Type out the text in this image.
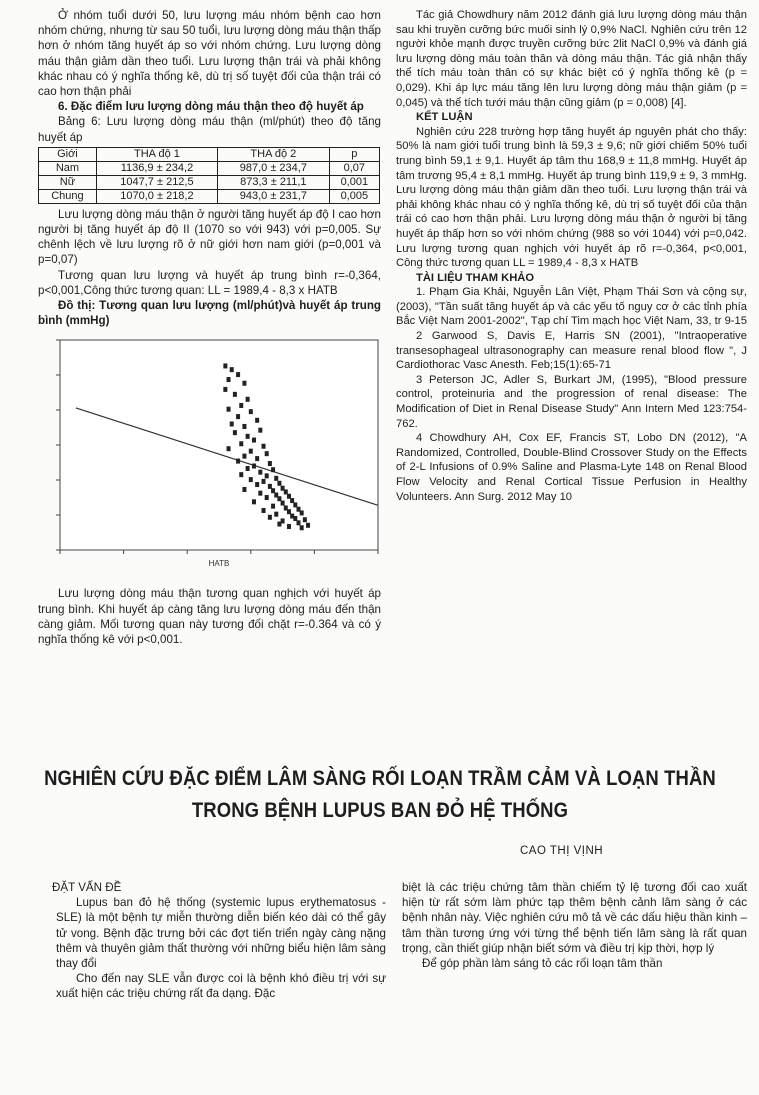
Ở nhóm tuổi dưới 50, lưu lượng máu nhóm bệnh cao hơn nhóm chứng, nhưng từ sau 50 tuổi, lưu lượng dòng máu thận thấp hơn ở nhóm tăng huyết áp so với nhóm chứng. Lưu lượng dòng máu thận giảm dần theo tuổi. Lưu lượng thận trái và phải không khác nhau có ý nghĩa thống kê, dù trị số tuyệt đối của thận trái có cao hơn thận phải

6. Đặc điểm lưu lượng dòng máu thận theo độ huyết áp

Bảng 6: Lưu lượng dòng máu thận (ml/phút) theo độ tăng huyết áp

Giới	THA độ 1	THA độ 2	p
Nam	1136,9 ± 234,2	987,0 ± 234,7	0,07
Nữ	1047,7 ± 212,5	873,3 ± 211,1	0,001
Chung	1070,0 ± 218,2	943,0 ± 231,7	0,005

Lưu lượng dòng máu thận ở người tăng huyết áp độ I cao hơn người bị tăng huyết áp độ II (1070 so với 943) với p=0,005. Sự chênh lệch về lưu lượng rõ ở nữ giới hơn nam giới (p=0,001 và p=0,07)

Tương quan lưu lượng và huyết áp trung bình r=-0,364, p<0,001,Công thức tương quan: LL = 1989,4 - 8,3 x HATB

Đồ thị: Tương quan lưu lượng (ml/phút)và huyết áp trung bình (mmHg)

HATB

Lưu lượng dòng máu thận tương quan nghịch với huyết áp trung bình. Khi huyết áp càng tăng lưu lượng dòng máu đến thận càng giảm. Mối tương quan này tương đối chặt r=-0.364 và có ý nghĩa thống kê với p<0,001.

Tác giả Chowdhury năm 2012 đánh giá lưu lượng dòng máu thận sau khi truyền cưỡng bức muối sinh lý 0,9% NaCl. Nghiên cứu trên 12 người khỏe mạnh được truyền cưỡng bức 2lit NaCl 0,9% và đánh giá lưu lượng dòng máu toàn thân và dòng máu thận. Tác giả nhận thấy thể tích máu toàn thân có sự khác biệt có ý nghĩa thống kê (p = 0,029). Khi áp lực máu tăng lên lưu lượng dòng máu thận giảm (p = 0,045) và thể tích tưới máu thận cũng giảm (p = 0,008) [4].

KẾT LUẬN

Nghiên cứu 228 trường hợp tăng huyết áp nguyên phát cho thấy: 50% là nam giới tuổi trung bình là 59,3 ± 9,6; nữ giới chiếm 50% tuổi trung bình 59,1 ± 9,1. Huyết áp tâm thu 168,9 ± 11,8 mmHg. Huyết áp tâm trương 95,4 ± 8,1 mmHg. Huyết áp trung bình 119,9 ± 9, 3 mmHg. Lưu lượng dòng máu thận giảm dần theo tuổi. Lưu lượng thận trái và phải không khác nhau có ý nghĩa thống kê, dù trị số tuyệt đối của thận trái có cao hơn thận phải. Lưu lượng dòng máu thận ở người bị tăng huyết áp thấp hơn so với nhóm chứng (988 so với 1044) với p=0,042. Lưu lượng tương quan nghịch với huyết áp rõ r=-0,364, p<0,001, Công thức tương quan LL = 1989,4 - 8,3 x HATB

TÀI LIỆU THAM KHẢO

1. Phạm Gia Khải, Nguyễn Lân Việt, Phạm Thái Sơn và cộng sự, (2003), "Tần suất tăng huyết áp và các yếu tố nguy cơ ở các tỉnh phía Bắc Việt Nam 2001-2002", Tạp chí Tim mạch học Việt Nam, 33, tr 9-15

2 Garwood S, Davis E, Harris SN (2001), "Intraoperative transesophageal ultrasonography can measure renal blood flow ", J Cardiothorac Vasc Anesth. Feb;15(1):65-71

3 Peterson JC, Adler S, Burkart JM, (1995), "Blood pressure control, proteinuria and the progression of renal disease: The Modification of Diet in Renal Disease Study" Ann Intern Med 123:754-762.

4 Chowdhury AH, Cox EF, Francis ST, Lobo DN (2012), "A Randomized, Controlled, Double-Blind Crossover Study on the Effects of 2-L Infusions of 0.9% Saline and Plasma-Lyte 148 on Renal Blood Flow Velocity and Renal Cortical Tissue Perfusion in Healthy Volunteers. Ann Surg. 2012 May 10

NGHIÊN CỨU ĐẶC ĐIỂM LÂM SÀNG RỐI LOẠN TRẦM CẢM VÀ LOẠN THẦN
TRONG BỆNH LUPUS BAN ĐỎ HỆ THỐNG
CAO THỊ VỊNH

ĐẶT VẤN ĐỀ

Lupus ban đỏ hệ thống (systemic lupus erythematosus - SLE) là một bệnh tự miễn thường diễn biến kéo dài có thể gây tử vong. Bệnh đặc trưng bởi các đợt tiến triển ngày càng nặng thêm và thuyên giảm thất thường với những biểu hiện lâm sàng thay đổi

Cho đến nay SLE vẫn được coi là bệnh khó điều trị với sự xuất hiện các triệu chứng rất đa dạng. Đặc

biệt là các triệu chứng tâm thần chiếm tỷ lệ tương đối cao xuất hiện từ rất sớm làm phức tạp thêm bệnh cảnh lâm sàng ở các bệnh nhân này. Việc nghiên cứu mô tả về các dấu hiệu thần kinh – tâm thần tương ứng với từng thể bệnh tiến lâm sàng là rất quan trọng, cần thiết giúp nhận biết sớm và điều trị kịp thời, hợp lý

Để góp phần làm sáng tỏ các rối loạn tâm thần
